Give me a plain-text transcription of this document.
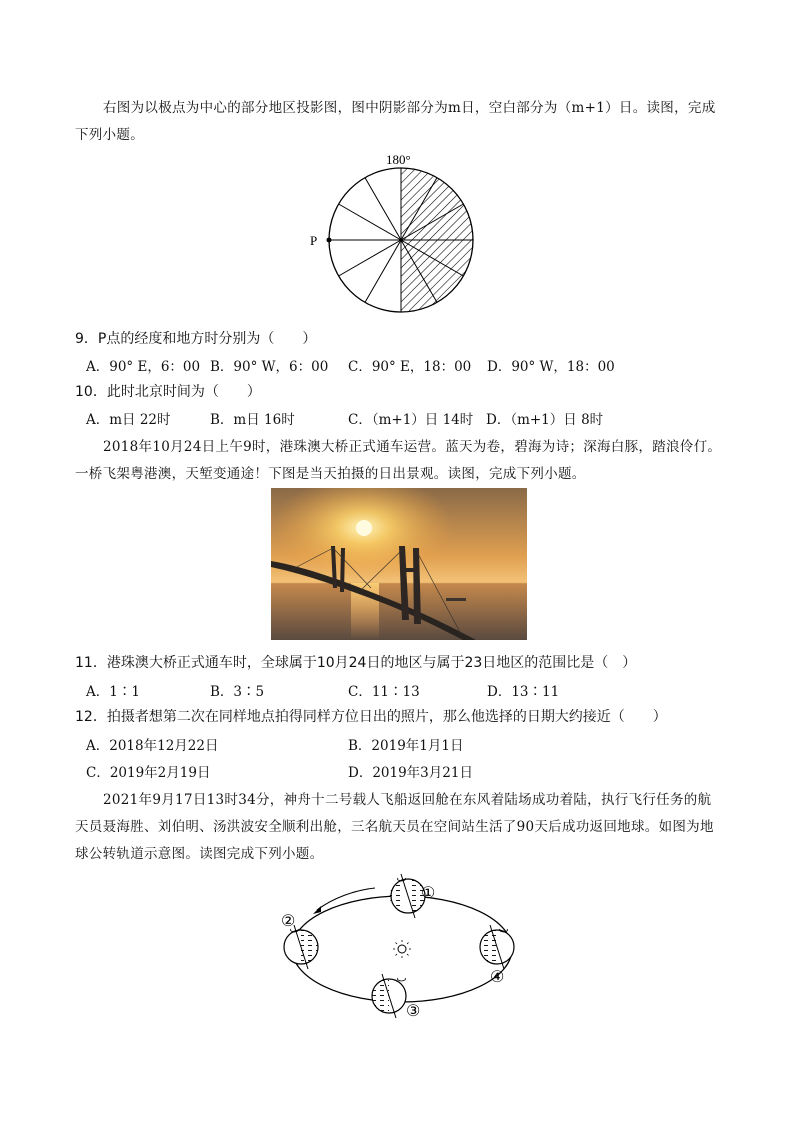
右图为以极点为中心的部分地区投影图，图中阴影部分为m日，空白部分为（m+1）日。读图，完成
下列小题。
180°
P
9．P点的经度和地方时分别为（　　）
A．90° E，6：00 B．90° W，6：00 C．90° E，18：00 D．90° W，18：00
10．此时北京时间为（　　）
A．m日 22时	B．m日 16时	C．（m+1）日 14时 D．（m+1）日 8时
2018年10月24日上午9时，港珠澳大桥正式通车运营。蓝天为卷，碧海为诗；深海白豚，踏浪伶仃。
一桥飞架粤港澳，天堑变通途！下图是当天拍摄的日出景观。读图，完成下列小题。
11．港珠澳大桥正式通车时，全球属于10月24日的地区与属于23日地区的范围比是（　）
A．1∶1	B．3∶5	C．11∶13	D．13∶11
12．拍摄者想第二次在同样地点拍得同样方位日出的照片，那么他选择的日期大约接近（　　）
A．2018年12月22日	B．2019年1月1日
C．2019年2月19日	D．2019年3月21日
2021年9月17日13时34分，神舟十二号载人飞船返回舱在东风着陆场成功着陆，执行飞行任务的航
天员聂海胜、刘伯明、汤洪波安全顺利出舱，三名航天员在空间站生活了90天后成功返回地球。如图为地
球公转轨道示意图。读图完成下列小题。
①
②
③
④
